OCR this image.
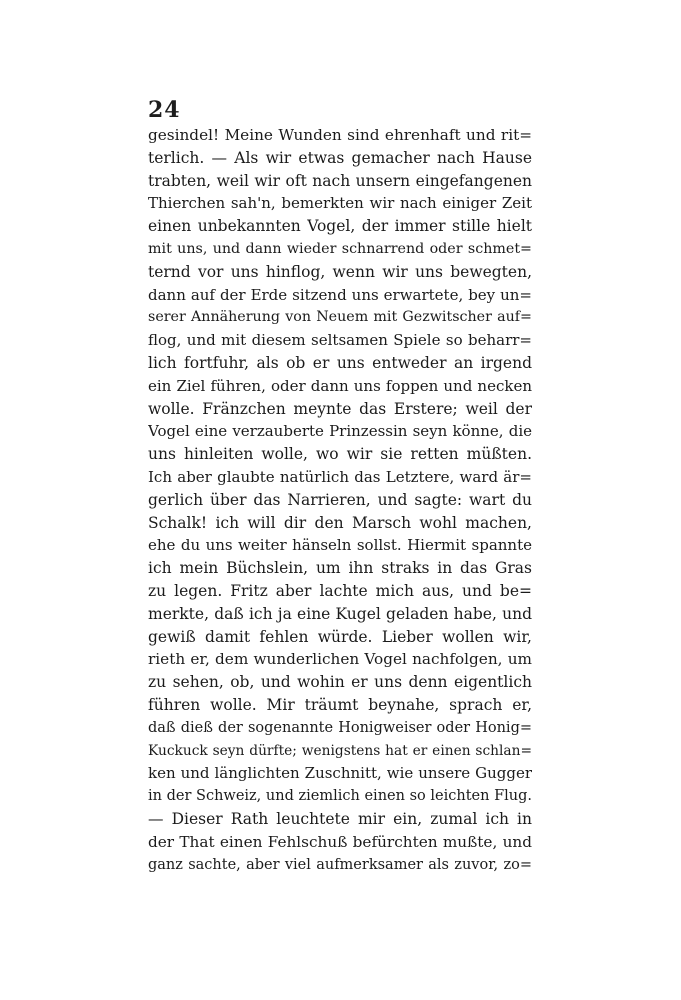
24
gesindel! Meine Wunden sind ehrenhaft und rit=
terlich. — Als wir etwas gemacher nach Hause
trabten, weil wir oft nach unsern eingefangenen
Thierchen sah'n, bemerkten wir nach einiger Zeit
einen unbekannten Vogel, der immer stille hielt
mit uns, und dann wieder schnarrend oder schmet=
ternd vor uns hinflog, wenn wir uns bewegten,
dann auf der Erde sitzend uns erwartete, bey un=
serer Annäherung von Neuem mit Gezwitscher auf=
flog, und mit diesem seltsamen Spiele so beharr=
lich fortfuhr, als ob er uns entweder an irgend
ein Ziel führen, oder dann uns foppen und necken
wolle. Fränzchen meynte das Erstere; weil der
Vogel eine verzauberte Prinzessin seyn könne, die
uns hinleiten wolle, wo wir sie retten müßten.
Ich aber glaubte natürlich das Letztere, ward är=
gerlich über das Narrieren, und sagte: wart du
Schalk! ich will dir den Marsch wohl machen,
ehe du uns weiter hänseln sollst. Hiermit spannte
ich mein Büchslein, um ihn straks in das Gras
zu legen. Fritz aber lachte mich aus, und be=
merkte, daß ich ja eine Kugel geladen habe, und
gewiß damit fehlen würde. Lieber wollen wir,
rieth er, dem wunderlichen Vogel nachfolgen, um
zu sehen, ob, und wohin er uns denn eigentlich
führen wolle. Mir träumt beynahe, sprach er,
daß dieß der sogenannte Honigweiser oder Honig=
Kuckuck seyn dürfte; wenigstens hat er einen schlan=
ken und länglichten Zuschnitt, wie unsere Gugger
in der Schweiz, und ziemlich einen so leichten Flug.
— Dieser Rath leuchtete mir ein, zumal ich in
der That einen Fehlschuß befürchten mußte, und
ganz sachte, aber viel aufmerksamer als zuvor, zo=
